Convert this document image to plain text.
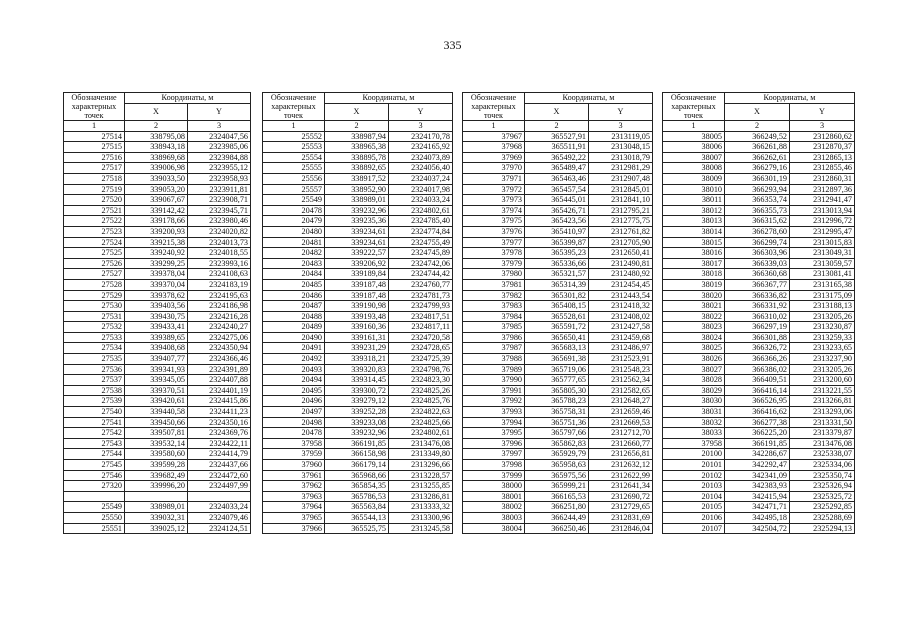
335
Обозначение характерных точек	Координаты, м	
	X	Y
1	2	3
27514	338795,08	2324047,56
27515	338943,18	2323985,06
27516	338969,68	2323984,88
27517	339006,98	2323955,12
27518	339033,50	2323958,93
27519	339053,20	2323911,81
27520	339067,67	2323908,71
27521	339142,42	2323945,71
27522	339178,66	2323980,46
27523	339200,93	2324020,82
27524	339215,38	2324013,73
27525	339240,92	2324018,55
27526	339299,25	2323993,16
27527	339378,04	2324108,63
27528	339370,04	2324183,19
27529	339378,62	2324195,63
27530	339403,56	2324186,98
27531	339430,75	2324216,28
27532	339433,41	2324240,27
27533	339389,65	2324275,06
27534	339408,68	2324350,94
27535	339407,77	2324366,46
27536	339341,93	2324391,89
27537	339345,05	2324407,88
27538	339370,51	2324401,19
27539	339420,61	2324415,86
27540	339440,58	2324411,23
27541	339450,66	2324350,16
27542	339507,81	2324369,76
27543	339532,14	2324422,11
27544	339580,60	2324414,79
27545	339599,28	2324437,66
27546	339682,49	2324472,60
27320	339996,20	2324497,99

25549	338989,01	2324033,24
25550	339032,31	2324079,46
25551	339025,12	2324124,51
Обозначение характерных точек	Координаты, м	
	X	Y
1	2	3
25552	338987,94	2324170,78
25553	338965,38	2324165,92
25554	338895,78	2324073,89
25555	338892,65	2324056,40
25556	338917,52	2324037,24
25557	338952,90	2324017,98
25549	338989,01	2324033,24
20478	339232,96	2324802,61
20479	339235,36	2324785,40
20480	339234,61	2324774,84
20481	339234,61	2324755,49
20482	339222,57	2324745,89
20483	339206,92	2324742,06
20484	339189,84	2324744,42
20485	339187,48	2324760,77
20486	339187,48	2324781,73
20487	339190,98	2324799,93
20488	339193,48	2324817,51
20489	339160,36	2324817,11
20490	339161,31	2324720,58
20491	339231,29	2324728,65
20492	339318,21	2324725,39
20493	339320,83	2324798,76
20494	339314,45	2324823,30
20495	339300,72	2324825,26
20496	339279,12	2324825,76
20497	339252,28	2324822,63
20498	339233,08	2324825,66
20478	339232,96	2324802,61
37958	366191,85	2313476,08
37959	366158,98	2313349,80
37960	366179,14	2313296,66
37961	365968,66	2313228,57
37962	365854,35	2313255,85
37963	365786,53	2313286,81
37964	365563,84	2313333,32
37965	365544,13	2313300,96
37966	365525,75	2313245,58
Обозначение характерных точек	Координаты, м	
	X	Y
1	2	3
37967	365527,91	2313119,05
37968	365511,91	2313048,15
37969	365492,22	2313018,79
37970	365489,47	2312981,29
37971	365463,46	2312907,48
37972	365457,54	2312845,01
37973	365445,01	2312841,10
37974	365426,71	2312795,21
37975	365423,56	2312775,75
37976	365410,97	2312761,82
37977	365399,87	2312705,90
37978	365395,23	2312650,41
37979	365336,66	2312490,81
37980	365321,57	2312480,92
37981	365314,39	2312454,45
37982	365301,82	2312443,54
37983	365408,15	2312418,32
37984	365528,61	2312408,02
37985	365591,72	2312427,58
37986	365650,41	2312459,68
37987	365683,13	2312486,97
37988	365691,38	2312523,91
37989	365719,06	2312548,23
37990	365777,65	2312562,34
37991	365805,30	2312582,65
37992	365788,23	2312648,27
37993	365758,31	2312659,46
37994	365751,36	2312669,53
37995	365797,66	2312712,70
37996	365862,83	2312660,77
37997	365929,79	2312656,81
37998	365958,63	2312632,12
37999	365975,56	2312622,99
38000	365999,21	2312641,34
38001	366165,53	2312690,72
38002	366251,80	2312729,65
38003	366244,49	2312831,69
38004	366250,46	2312846,04
Обозначение характерных точек	Координаты, м	
	X	Y
1	2	3
38005	366249,52	2312860,62
38006	366261,88	2312870,37
38007	366262,61	2312865,13
38008	366279,16	2312855,46
38009	366301,19	2312860,31
38010	366293,94	2312897,36
38011	366353,74	2312941,47
38012	366355,73	2313013,94
38013	366315,62	2312996,72
38014	366278,60	2312995,47
38015	366299,74	2313015,83
38016	366303,96	2313049,31
38017	366339,03	2313059,57
38018	366360,68	2313081,41
38019	366367,77	2313165,38
38020	366336,82	2313175,09
38021	366331,92	2313188,13
38022	366310,02	2313205,26
38023	366297,19	2313230,87
38024	366301,88	2313259,33
38025	366326,72	2313233,65
38026	366366,26	2313237,90
38027	366386,02	2313205,26
38028	366409,51	2313200,60
38029	366416,14	2313221,55
38030	366526,95	2313266,81
38031	366416,62	2313293,06
38032	366277,38	2313331,50
38033	366225,20	2313379,87
37958	366191,85	2313476,08
20100	342286,67	2325338,07
20101	342292,47	2325334,06
20102	342341,09	2325350,74
20103	342383,93	2325326,94
20104	342415,94	2325325,72
20105	342471,71	2325292,85
20106	342495,18	2325288,69
20107	342504,72	2325294,13
